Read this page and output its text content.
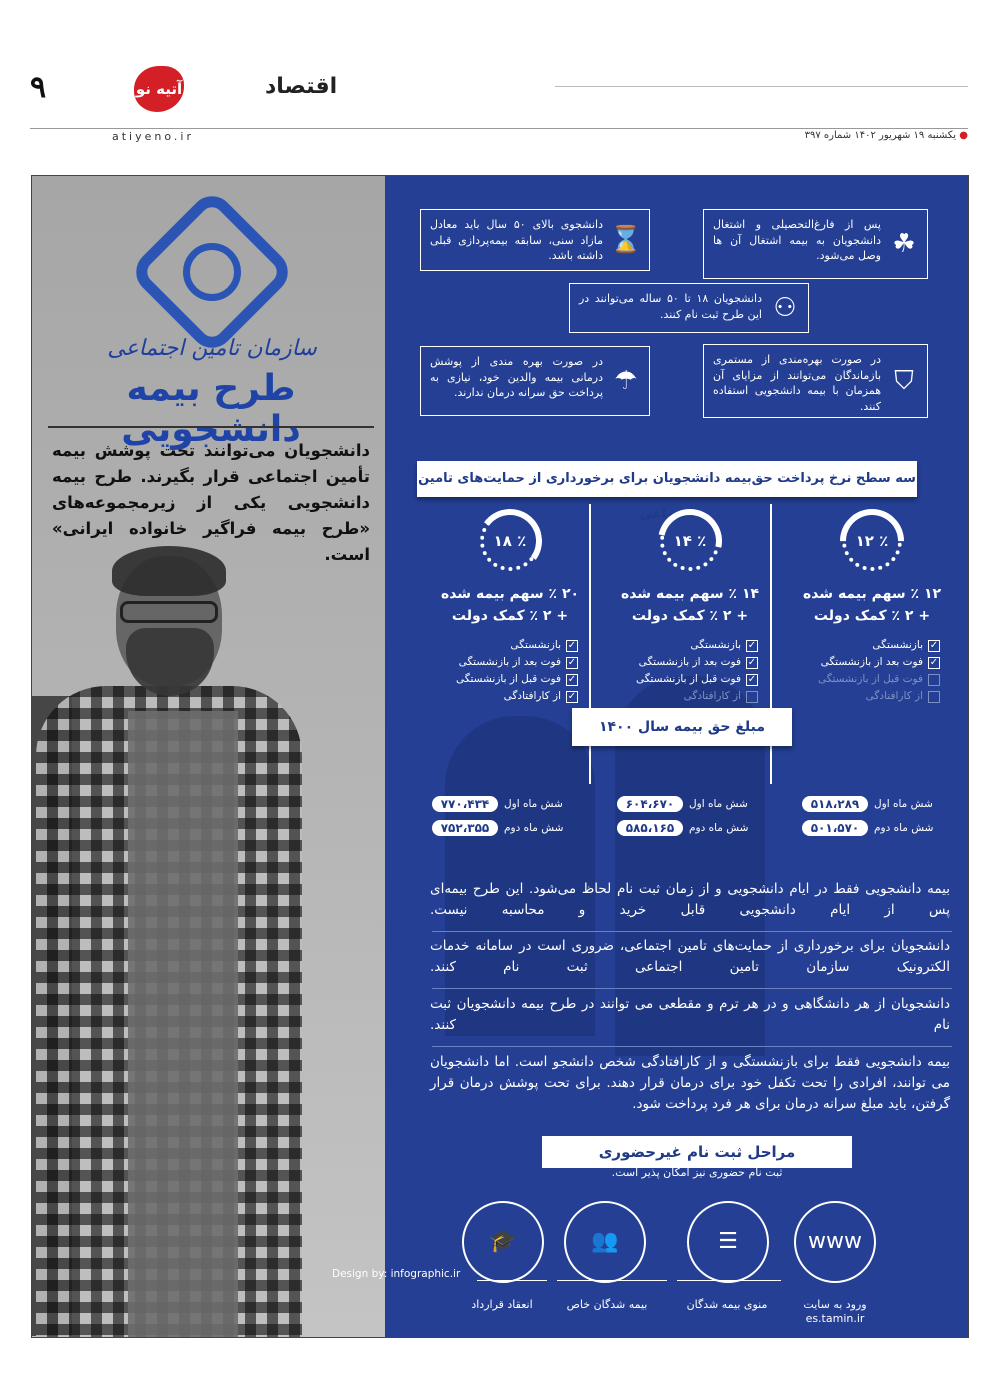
۹	آتیه نو	اقتصاد
atiyeno.ir	● یکشنبه ۱۹ شهریور ۱۴۰۲ شماره ۳۹۷
سازمان تامین اجتماعی
طرح بیمه دانشجویی
دانشجویان می‌توانند تحت پوشش بیمه تأمین اجتماعی قرار بگیرند. طرح بیمه دانشجویی یکی از زیرمجموعه‌های «طرح بیمه فراگیر خانواده ایرانی» است.
☘
پس از فارغ‌التحصیلی و اشتغال دانشجویان به بیمه اشتغال آن ها وصل می‌شود.
⌛
دانشجوی بالای ۵۰ سال باید معادل مازاد سنی، سابقه بیمه‌پردازی قبلی داشته باشد.
⚇
دانشجویان ۱۸ تا ۵۰ ساله می‌توانند در این طرح ثبت نام کنند.
⛉
در صورت بهره‌مندی از مستمری بازماندگان می‌توانند از مزایای آن همزمان با بیمه دانشجویی استفاده کنند.
☂
در صورت بهره مندی از پوشش درمانی بیمه والدین خود، نیازی به پرداخت حق سرانه درمان ندارند.
سه سطح نرخ پرداخت حق‌بیمه دانشجویان برای برخورداری از حمایت‌های تامین اجتماعی
٪ ۱۲
۱۲ ٪ سهم بیمه شده
+ ۲ ٪ کمک دولت
✓
بازنشستگی
✓
فوت بعد از بازنشستگی
فوت قبل از بازنشستگی
از کارافتادگی
٪ ۱۴
۱۴ ٪ سهم بیمه شده
+ ۲ ٪ کمک دولت
✓
بازنشستگی
✓
فوت بعد از بازنشستگی
✓
فوت قبل از بازنشستگی
از کارافتادگی
٪ ۱۸
۲۰ ٪ سهم بیمه شده
+ ۲ ٪ کمک دولت
✓
بازنشستگی
✓
فوت بعد از بازنشستگی
✓
فوت قبل از بازنشستگی
✓
از کارافتادگی
مبلغ حق بیمه سال ۱۴۰۰
شش ماه اول
۵۱۸،۲۸۹
شش ماه دوم
۵۰۱،۵۷۰
شش ماه اول
۶۰۴،۶۷۰
شش ماه دوم
۵۸۵،۱۶۵
شش ماه اول
۷۷۰،۴۳۴
شش ماه دوم
۷۵۲،۳۵۵
بیمه دانشجویی فقط در ایام دانشجویی و از زمان ثبت نام لحاظ می‌شود. این طرح بیمه‌ای پس از ایام دانشجویی قابل خرید و محاسبه نیست.
دانشجویان برای برخورداری از حمایت‌های تامین اجتماعی، ضروری است در سامانه خدمات الکترونیک سازمان تامین اجتماعی ثبت نام کنند.
دانشجویان از هر دانشگاهی و در هر ترم و مقطعی می توانند در طرح بیمه دانشجویان ثبت نام کنند.
بیمه دانشجویی فقط برای بازنشستگی و از کارافتادگی شخص دانشجو است. اما دانشجویان می توانند، افرادی را تحت تکفل خود برای درمان قرار دهند. برای تحت پوشش درمان قرار گرفتن، باید مبلغ سرانه درمان برای هر فرد پرداخت شود.
مراحل ثبت نام غیرحضوری
ثبت نام حضوری نیز امکان پذیر است.
www
☰
👥
🎓
ورود به سایت es.tamin.ir
منوی بیمه شدگان
بیمه شدگان خاص
انعقاد قرارداد
Design by: infographic.ir
